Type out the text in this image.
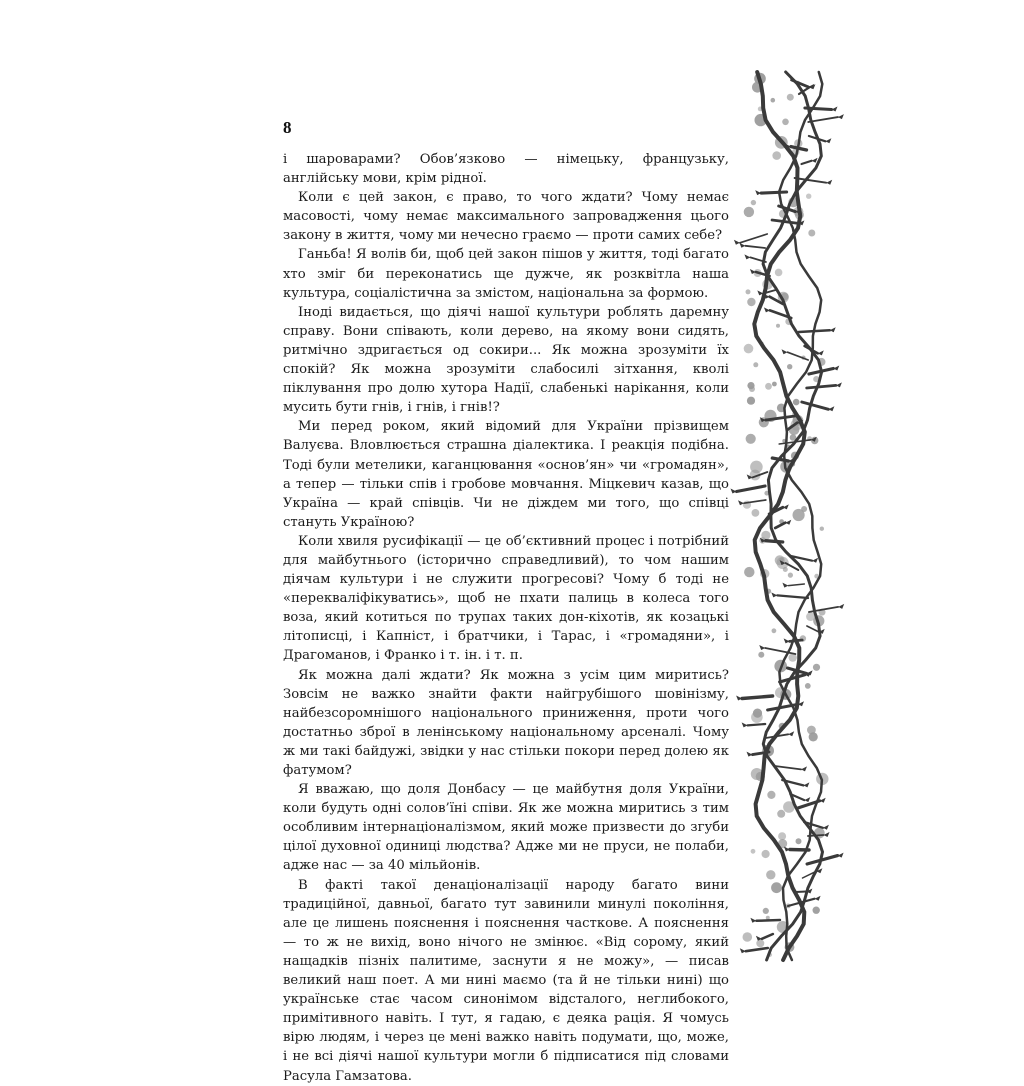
8

і шароварами? Обов’язково — німецьку, французьку, англійську мови, крім рідної.

Коли є цей закон, є право, то чого ждати? Чому немає масовості, чому немає максимального запровадження цього закону в життя, чому ми нечесно граємо — проти самих себе?

Ганьба! Я волів би, щоб цей закон пішов у життя, тоді багато хто зміг би переконатись ще дужче, як розквітла наша культура, соціалістична за змістом, національна за формою.

Іноді видається, що діячі нашої культури роблять даремну справу. Вони співають, коли дерево, на якому вони сидять, ритмічно здригається од сокири... Як можна зрозуміти їх спокій? Як можна зрозуміти слабосилі зітхання, кволі піклування про долю хутора Надії, слабенькі нарікання, коли мусить бути гнів, і гнів, і гнів!?

Ми перед роком, який відомий для України прізвищем Валуєва. Вловлюється страшна діалектика. І реакція подібна. Тоді були метелики, каганцювання «основ’ян» чи «громадян», а тепер — тільки спів і гробове мовчання. Міцкевич казав, що Україна — край співців. Чи не діждем ми того, що співці стануть Україною?

Коли хвиля русифікації — це об’єктивний процес і потрібний для майбутнього (історично справедливий), то чом нашим діячам культури і не служити прогресові? Чому б тоді не «перекваліфікуватись», щоб не пхати палиць в колеса того воза, який котиться по трупах таких дон-кіхотів, як козацькі літописці, і Капніст, і братчики, і Тарас, і «громадяни», і Драгоманов, і Франко і т. ін. і т. п.

Як можна далі ждати? Як можна з усім цим миритись? Зовсім не важко знайти факти найгрубішого шовінізму, найбезсоромнішого національного приниження, проти чого достатньо зброї в ленінському національному арсеналі. Чому ж ми такі байдужі, звідки у нас стільки покори перед долею як фатумом?

Я вважаю, що доля Донбасу — це майбутня доля України, коли будуть одні солов’їні співи. Як же можна миритись з тим особливим інтернаціоналізмом, який може призвести до згуби цілої духовної одиниці людства? Адже ми не пруси, не полаби, адже нас — за 40 мільйонів.

В факті такої денаціоналізації народу багато вини традиційної, давньої, багато тут завинили минулі покоління, але це лишень пояснення і пояснення часткове. А пояснення — то ж не вихід, воно нічого не змінює. «Від сорому, який нащадків пізніх палитиме, заснути я не можу», — писав великий наш поет. А ми нині маємо (та й не тільки нині) що українське стає часом синонімом відсталого, неглибокого, примітивного навіть. І тут, я гадаю, є деяка рація. Я чомусь вірю людям, і через це мені важко навіть подумати, що, може, і не всі діячі нашої культури могли б підписатися під словами Расула Гамзатова.
